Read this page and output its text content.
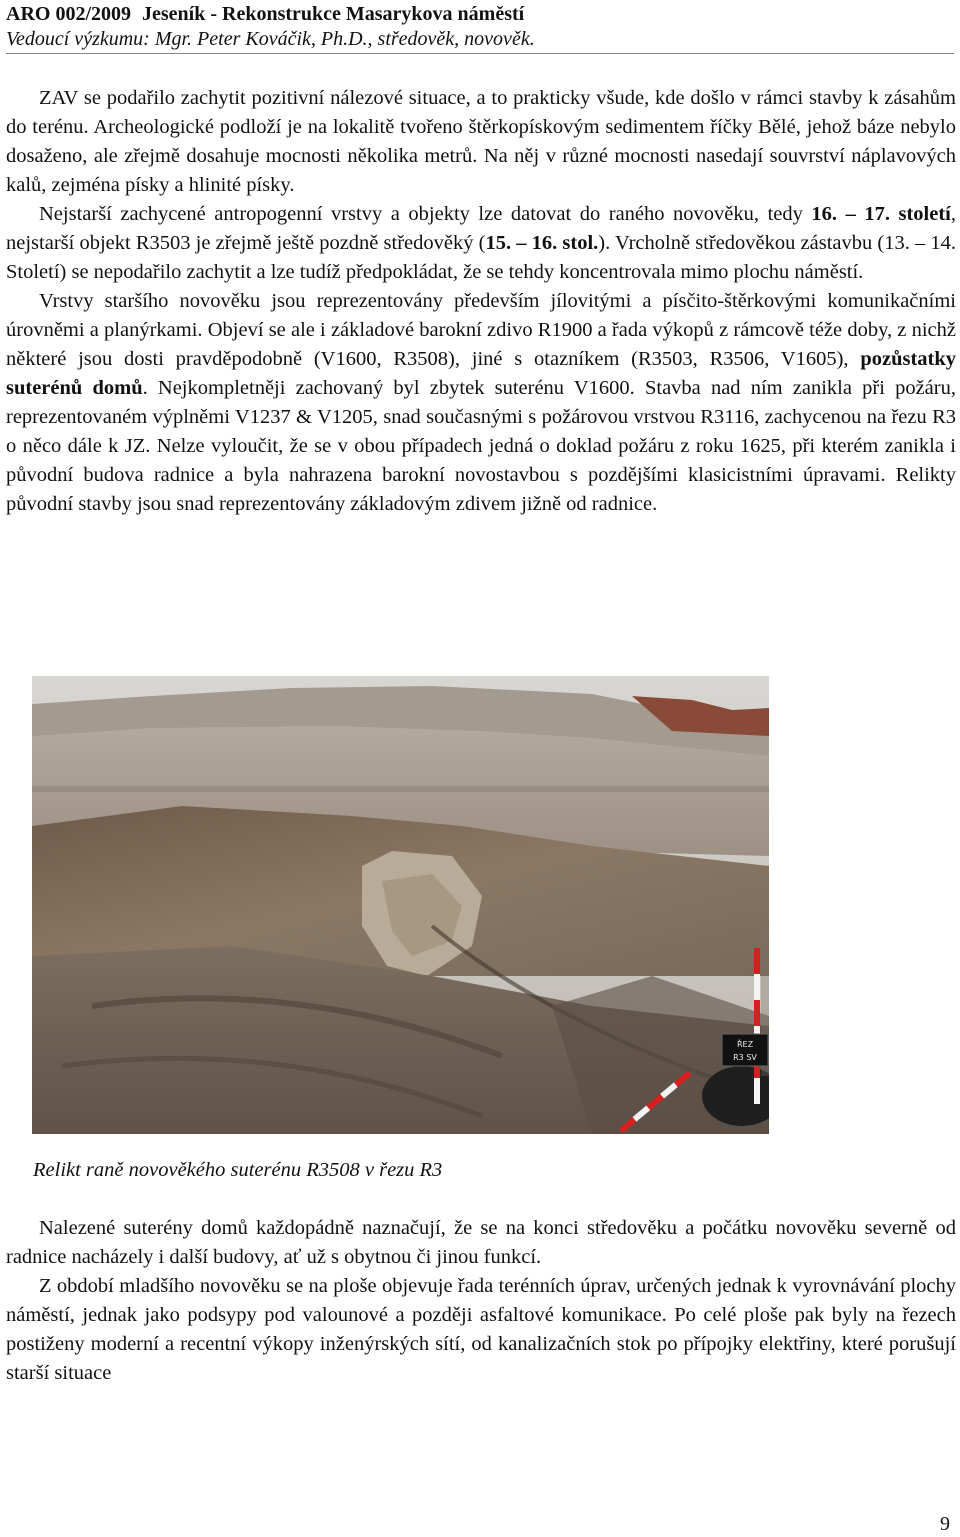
ARO 002/2009 Jeseník - Rekonstrukce Masarykova náměstí
Vedoucí výzkumu: Mgr. Peter Kováčik, Ph.D., středověk, novověk.

ZAV se podařilo zachytit pozitivní nálezové situace, a to prakticky všude, kde došlo v rámci stavby k zásahům do terénu. Archeologické podloží je na lokalitě tvořeno štěrkopískovým sedimentem říčky Bělé, jehož báze nebylo dosaženo, ale zřejmě dosahuje mocnosti několika metrů. Na něj v různé mocnosti nasedají souvrství náplavových kalů, zejména písky a hlinité písky.

Nejstarší zachycené antropogenní vrstvy a objekty lze datovat do raného novověku, tedy 16. – 17. století, nejstarší objekt R3503 je zřejmě ještě pozdně středověký (15. – 16. stol.). Vrcholně středověkou zástavbu (13. – 14. Století) se nepodařilo zachytit a lze tudíž předpokládat, že se tehdy koncentrovala mimo plochu náměstí.

Vrstvy staršího novověku jsou reprezentovány především jílovitými a písčito-štěrkovými komunikačními úrovněmi a planýrkami. Objeví se ale i základové barokní zdivo R1900 a řada výkopů z rámcově téže doby, z nichž některé jsou dosti pravděpodobně (V1600, R3508), jiné s otazníkem (R3503, R3506, V1605), pozůstatky suterénů domů. Nejkompletněji zachovaný byl zbytek suterénu V1600. Stavba nad ním zanikla při požáru, reprezentovaném výplněmi V1237 & V1205, snad současnými s požárovou vrstvou R3116, zachycenou na řezu R3 o něco dále k JZ. Nelze vyloučit, že se v obou případech jedná o doklad požáru z roku 1625, při kterém zanikla i původní budova radnice a byla nahrazena barokní novostavbou s pozdějšími klasicistními úpravami. Relikty původní stavby jsou snad reprezentovány základovým zdivem jižně od radnice.

ŘEZ
R3 SV
Relikt raně novověkého suterénu R3508 v řezu R3

Nalezené suterény domů každopádně naznačují, že se na konci středověku a počátku novověku severně od radnice nacházely i další budovy, ať už s obytnou či jinou funkcí.

Z období mladšího novověku se na ploše objevuje řada terénních úprav, určených jednak k vyrovnávání plochy náměstí, jednak jako podsypy pod valounové a později asfaltové komunikace. Po celé ploše pak byly na řezech postiženy moderní a recentní výkopy inženýrských sítí, od kanalizačních stok po přípojky elektřiny, které porušují starší situace

9
